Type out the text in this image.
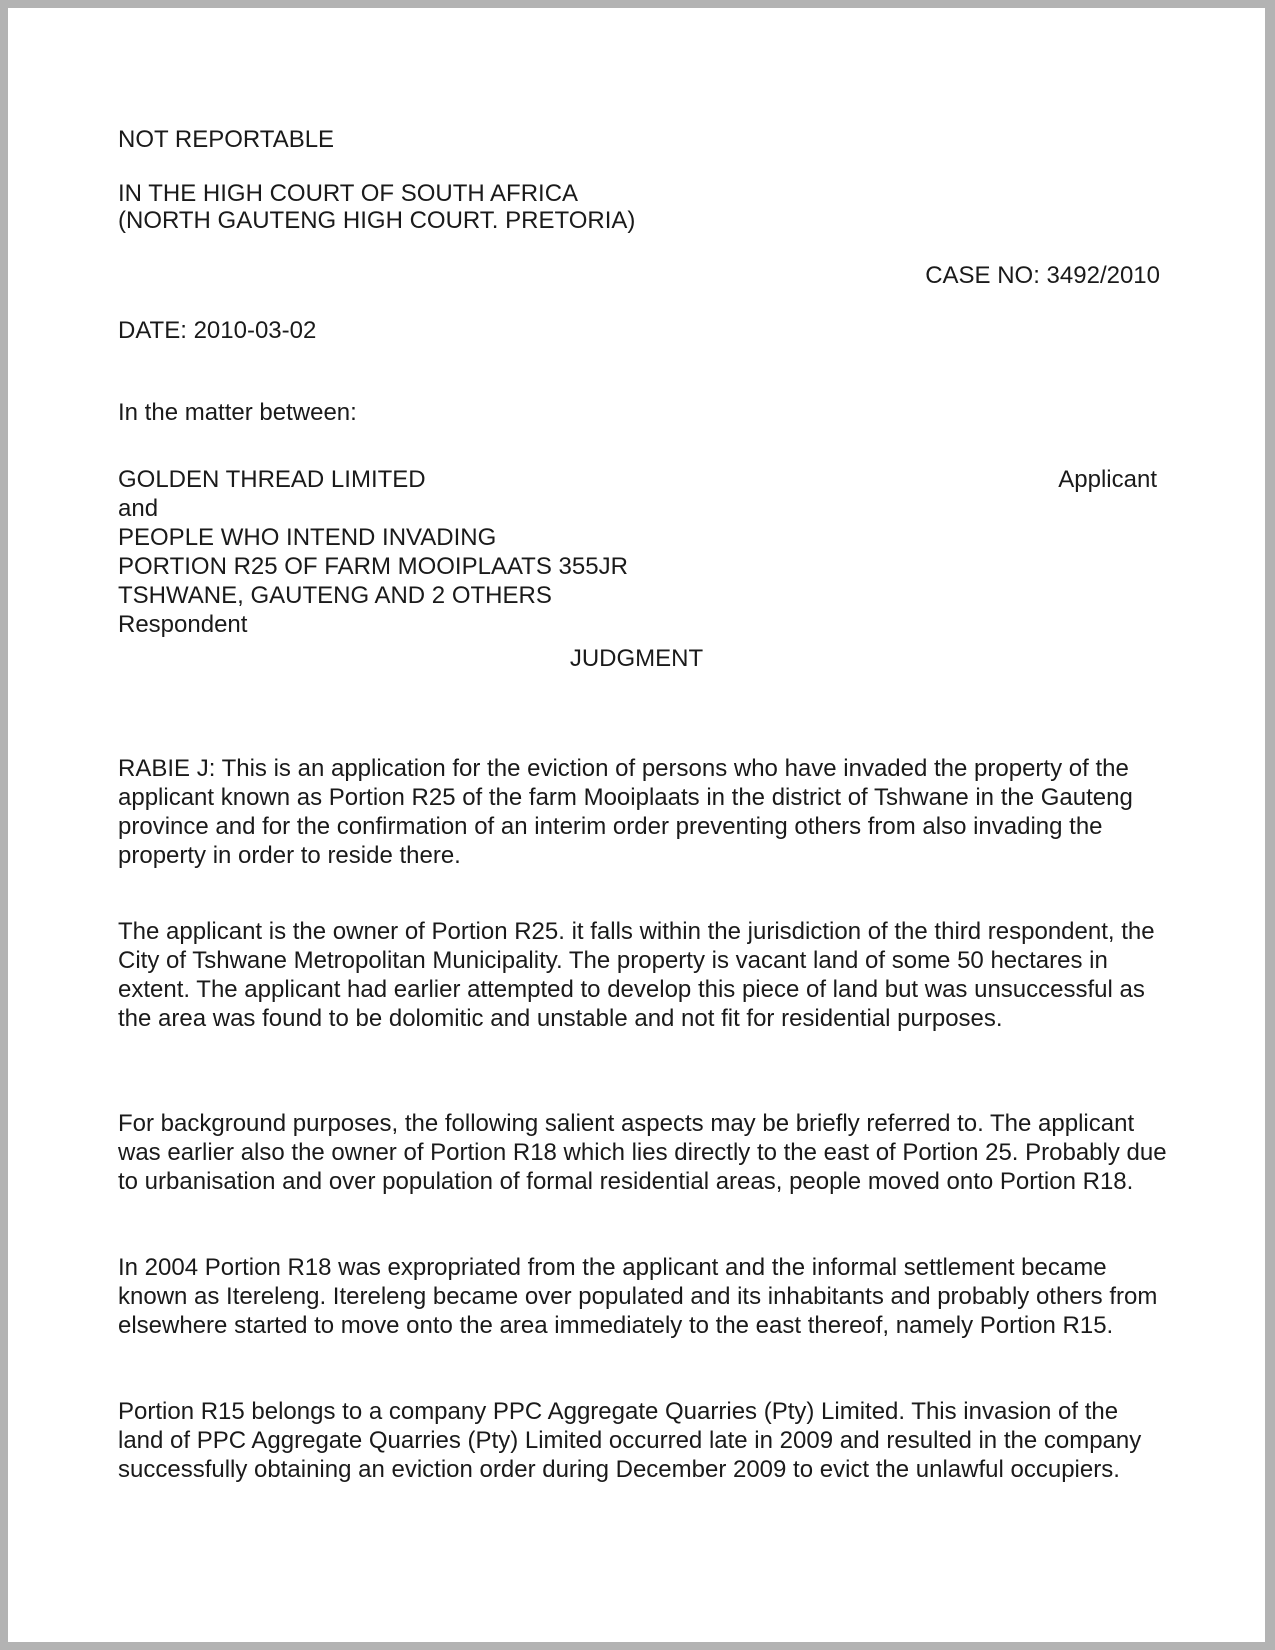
NOT REPORTABLE

IN THE HIGH COURT OF SOUTH AFRICA

(NORTH GAUTENG HIGH COURT. PRETORIA)

CASE NO: 3492/2010

DATE: 2010-03-02

In the matter between:

GOLDEN THREAD LIMITED
and
PEOPLE WHO INTEND INVADING
PORTION R25 OF FARM MOOIPLAATS 355JR
TSHWANE, GAUTENG AND 2 OTHERS
Respondent

Applicant

JUDGMENT

RABIE J: This is an application for the eviction of persons who have invaded the property of the applicant known as Portion R25 of the farm Mooiplaats in the district of Tshwane in the Gauteng province and for the confirmation of an interim order preventing others from also invading the property in order to reside there.

The applicant is the owner of Portion R25. it falls within the jurisdiction of the third respondent, the City of Tshwane Metropolitan Municipality. The property is vacant land of some 50 hectares in extent. The applicant had earlier attempted to develop this piece of land but was unsuccessful as the area was found to be dolomitic and unstable and not fit for residential purposes.

For background purposes, the following salient aspects may be briefly referred to. The applicant was earlier also the owner of Portion R18 which lies directly to the east of Portion 25. Probably due to urbanisation and over population of formal residential areas, people moved onto Portion R18.

In 2004 Portion R18 was expropriated from the applicant and the informal settlement became known as Itereleng. Itereleng became over populated and its inhabitants and probably others from elsewhere started to move onto the area immediately to the east thereof, namely Portion R15.

Portion R15 belongs to a company PPC Aggregate Quarries (Pty) Limited. This invasion of the land of PPC Aggregate Quarries (Pty) Limited occurred late in 2009 and resulted in the company successfully obtaining an eviction order during December 2009 to evict the unlawful occupiers.
